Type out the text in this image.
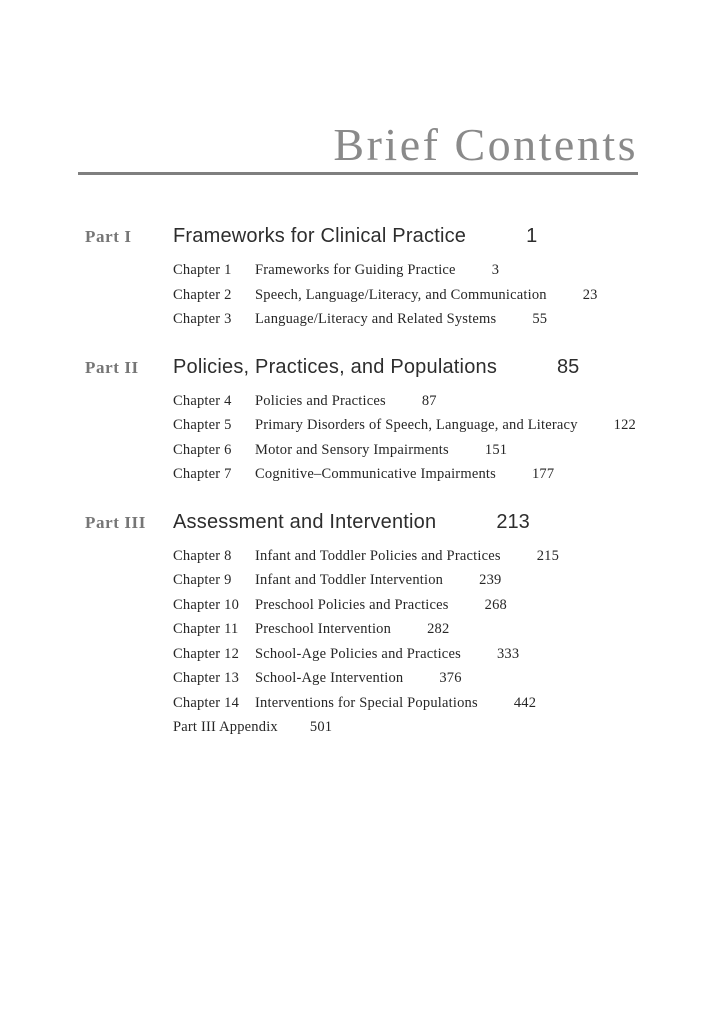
Brief Contents
Part I	Frameworks for Clinical Practice	1
Chapter 1	Frameworks for Guiding Practice 3
Chapter 2	Speech, Language/Literacy, and Communication 23
Chapter 3	Language/Literacy and Related Systems 55
Part II	Policies, Practices, and Populations	85
Chapter 4	Policies and Practices 87
Chapter 5	Primary Disorders of Speech, Language, and Literacy 122
Chapter 6	Motor and Sensory Impairments 151
Chapter 7	Cognitive–Communicative Impairments 177
Part III	Assessment and Intervention	213
Chapter 8	Infant and Toddler Policies and Practices 215
Chapter 9	Infant and Toddler Intervention 239
Chapter 10	Preschool Policies and Practices 268
Chapter 11	Preschool Intervention 282
Chapter 12	School-Age Policies and Practices 333
Chapter 13	School-Age Intervention 376
Chapter 14	Interventions for Special Populations 442
Part III Appendix 501
